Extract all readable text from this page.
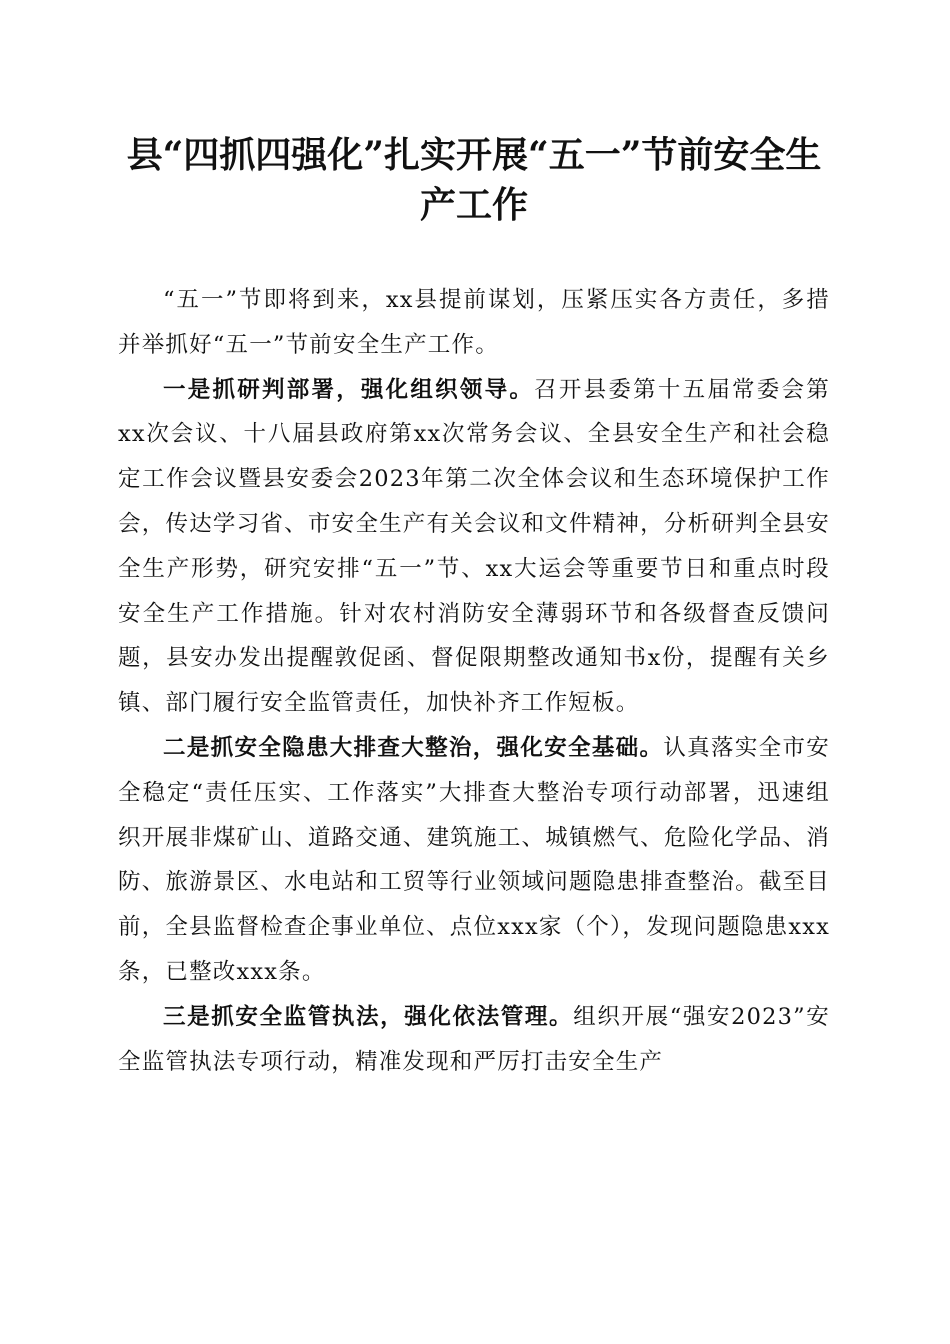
县“四抓四强化”扎实开展“五一”节前安全生产工作

“五一”节即将到来，xx县提前谋划，压紧压实各方责任，多措并举抓好“五一”节前安全生产工作。

一是抓研判部署，强化组织领导。召开县委第十五届常委会第xx次会议、十八届县政府第xx次常务会议、全县安全生产和社会稳定工作会议暨县安委会2023年第二次全体会议和生态环境保护工作会，传达学习省、市安全生产有关会议和文件精神，分析研判全县安全生产形势，研究安排“五一”节、xx大运会等重要节日和重点时段安全生产工作措施。针对农村消防安全薄弱环节和各级督查反馈问题，县安办发出提醒敦促函、督促限期整改通知书x份，提醒有关乡镇、部门履行安全监管责任，加快补齐工作短板。

二是抓安全隐患大排查大整治，强化安全基础。认真落实全市安全稳定“责任压实、工作落实”大排查大整治专项行动部署，迅速组织开展非煤矿山、道路交通、建筑施工、城镇燃气、危险化学品、消防、旅游景区、水电站和工贸等行业领域问题隐患排查整治。截至目前，全县监督检查企事业单位、点位xxx家（个），发现问题隐患xxx条，已整改xxx条。

三是抓安全监管执法，强化依法管理。组织开展“强安2023”安全监管执法专项行动，精准发现和严厉打击安全生产
